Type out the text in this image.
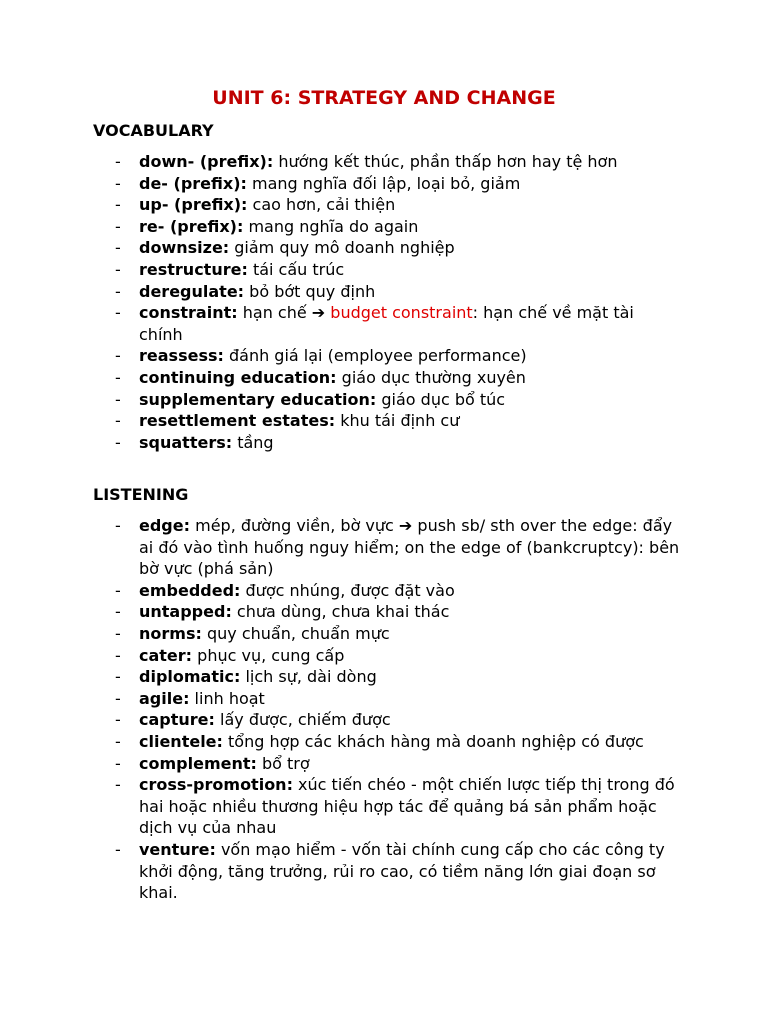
UNIT 6: STRATEGY AND CHANGE
VOCABULARY
- down- (prefix): hướng kết thúc, phần thấp hơn hay tệ hơn
- de- (prefix): mang nghĩa đối lập, loại bỏ, giảm
- up- (prefix): cao hơn, cải thiện
- re- (prefix): mang nghĩa do again
- downsize: giảm quy mô doanh nghiệp
- restructure: tái cấu trúc
- deregulate: bỏ bớt quy định
- constraint: hạn chế ➔ budget constraint: hạn chế về mặt tài chính
- reassess: đánh giá lại (employee performance)
- continuing education: giáo dục thường xuyên
- supplementary education: giáo dục bổ túc
- resettlement estates: khu tái định cư
- squatters: tầng
LISTENING
- edge: mép, đường viền, bờ vực ➔ push sb/ sth over the edge: đẩy ai đó vào tình huống nguy hiểm; on the edge of (bankcruptcy): bên bờ vực (phá sản)
- embedded: được nhúng, được đặt vào
- untapped: chưa dùng, chưa khai thác
- norms: quy chuẩn, chuẩn mực
- cater: phục vụ, cung cấp
- diplomatic: lịch sự, dài dòng
- agile: linh hoạt
- capture: lấy được, chiếm được
- clientele: tổng hợp các khách hàng mà doanh nghiệp có được
- complement: bổ trợ
- cross-promotion: xúc tiến chéo - một chiến lược tiếp thị trong đó hai hoặc nhiều thương hiệu hợp tác để quảng bá sản phẩm hoặc dịch vụ của nhau
- venture: vốn mạo hiểm - vốn tài chính cung cấp cho các công ty khởi động, tăng trưởng, rủi ro cao, có tiềm năng lớn giai đoạn sơ khai.
